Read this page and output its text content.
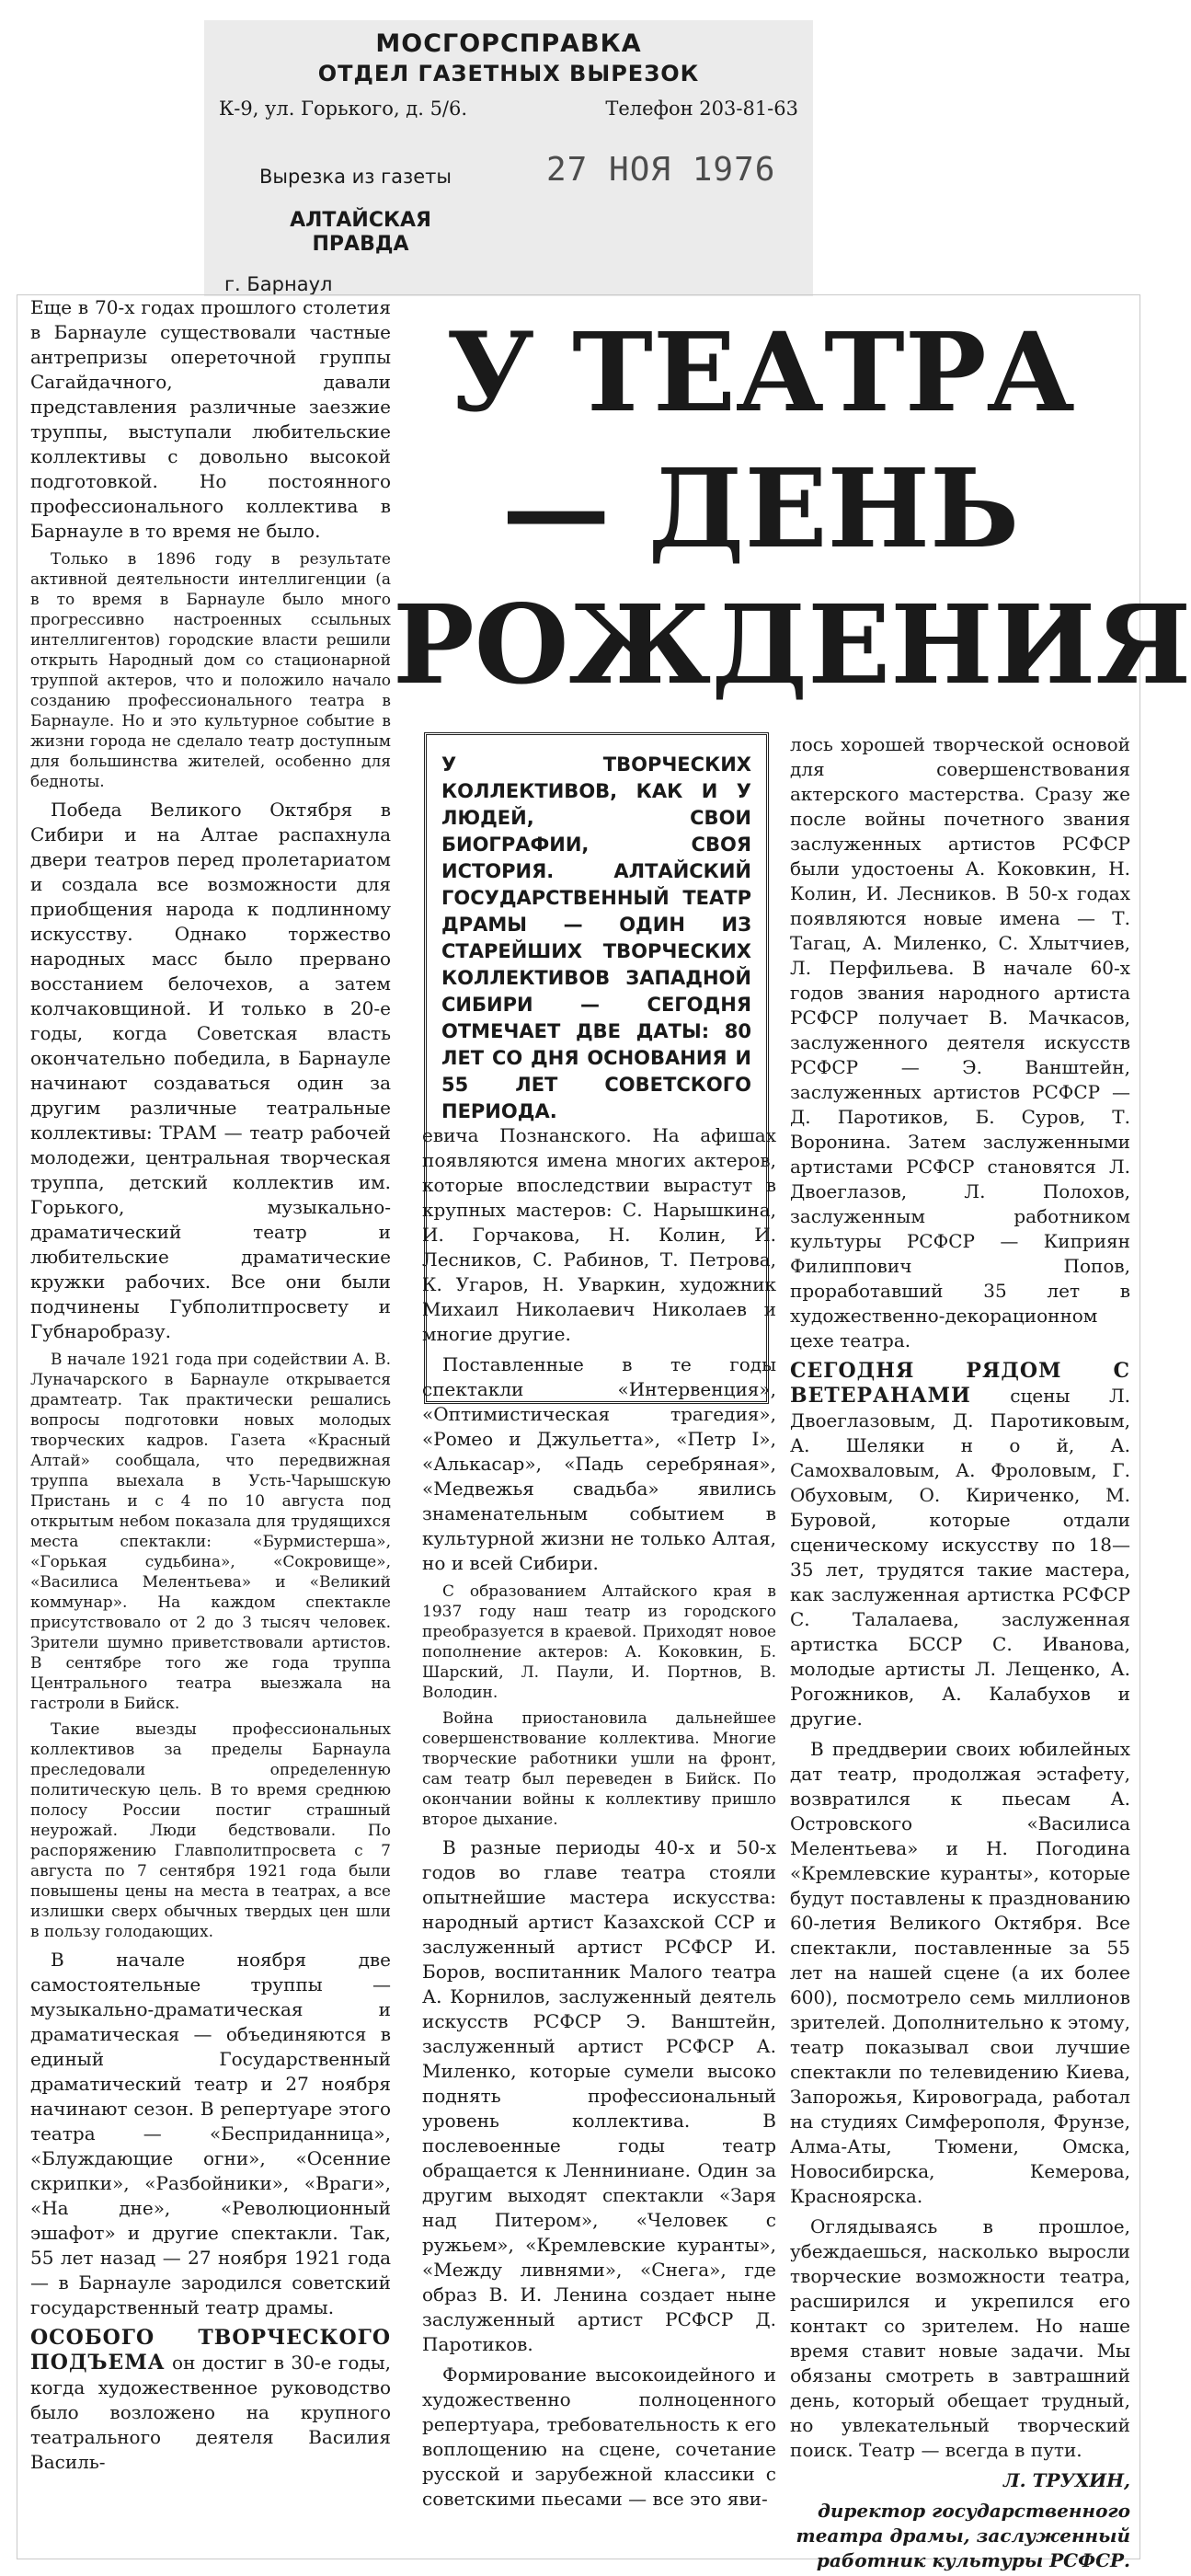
МОСГОРСПРАВКА
ОТДЕЛ ГАЗЕТНЫХ ВЫРЕЗОК
К-9, ул. Горького, д. 5/6.	Телефон 203-81-63
Вырезка из газеты	27 НОЯ 1976
АЛТАЙСКАЯ ПРАВДА
г. Барнаул

Еще в 70-х годах прошлого столетия в Барнауле существовали частные антрепризы опереточной группы Сагайдачного, давали представления различные заезжие труппы, выступали любительские коллективы с довольно высокой подготовкой. Но постоянного профессионального коллектива в Барнауле в то время не было.

Только в 1896 году в результате активной деятельности интеллигенции (а в то время в Барнауле было много прогрессивно настроенных ссыльных интеллигентов) городские власти решили открыть Народный дом со стационарной труппой актеров, что и положило начало созданию профессионального театра в Барнауле. Но и это культурное событие в жизни города не сделало театр доступным для большинства жителей, особенно для бедноты.

Победа Великого Октября в Сибири и на Алтае распахнула двери театров перед пролетариатом и создала все возможности для приобщения народа к подлинному искусству. Однако торжество народных масс было прервано восстанием белочехов, а затем колчаковщиной. И только в 20-е годы, когда Советская власть окончательно победила, в Барнауле начинают создаваться один за другим различные театральные коллективы: ТРАМ — театр рабочей молодежи, центральная творческая труппа, детский коллектив им. Горького, музыкально-драматический театр и любительские драматические кружки рабочих. Все они были подчинены Губполитпросвету и Губнаробразу.

В начале 1921 года при содействии А. В. Луначарского в Барнауле открывается драмтеатр. Так практически решались вопросы подготовки новых молодых творческих кадров. Газета «Красный Алтай» сообщала, что передвижная труппа выехала в Усть-Чарышскую Пристань и с 4 по 10 августа под открытым небом показала для трудящихся места спектакли: «Бурмистерша», «Горькая судьбина», «Сокровище», «Василиса Мелентьева» и «Великий коммунар». На каждом спектакле присутствовало от 2 до 3 тысяч человек. Зрители шумно приветствовали артистов. В сентябре того же года труппа Центрального театра выезжала на гастроли в Бийск.

Такие выезды профессиональных коллективов за пределы Барнаула преследовали определенную политическую цель. В то время среднюю полосу России постиг страшный неурожай. Люди бедствовали. По распоряжению Главполитпросвета с 7 августа по 7 сентября 1921 года были повышены цены на места в театрах, а все излишки сверх обычных твердых цен шли в пользу голодающих.

В начале ноября две самостоятельные труппы — музыкально-драматическая и драматическая — объединяются в единый Государственный драматический театр и 27 ноября начинают сезон. В репертуаре этого театра — «Бесприданница», «Блуждающие огни», «Осенние скрипки», «Разбойники», «Враги», «На дне», «Революционный эшафот» и другие спектакли. Так, 55 лет назад — 27 ноября 1921 года — в Барнауле зародился советский государственный театр драмы.

ОСОБОГО ТВОРЧЕСКОГО ПОДЪЕМА он достиг в 30-е годы, когда художественное руководство было возложено на крупного театрального деятеля Василия Василь-

У ТЕАТРА— ДЕНЬ РОЖДЕНИЯ
У ТВОРЧЕСКИХ КОЛЛЕКТИВОВ, КАК И У ЛЮДЕЙ, СВОИ БИОГРАФИИ, СВОЯ ИСТОРИЯ. АЛТАЙСКИЙ ГОСУДАРСТВЕННЫЙ ТЕАТР ДРАМЫ — ОДИН ИЗ СТАРЕЙШИХ ТВОРЧЕСКИХ КОЛЛЕКТИВОВ ЗАПАДНОЙ СИБИРИ — СЕГОДНЯ ОТМЕЧАЕТ ДВЕ ДАТЫ: 80 ЛЕТ СО ДНЯ ОСНОВАНИЯ И 55 ЛЕТ СОВЕТСКОГО ПЕРИОДА.

евича Познанского. На афишах появляются имена многих актеров, которые впоследствии вырастут в крупных мастеров: С. Нарышкина, И. Горчакова, Н. Колин, И. Лесников, С. Рабинов, Т. Петрова, К. Угаров, Н. Уваркин, художник Михаил Николаевич Николаев и многие другие.

Поставленные в те годы спектакли «Интервенция», «Оптимистическая трагедия», «Ромео и Джульетта», «Петр I», «Алькасар», «Падь серебряная», «Медвежья свадьба» явились знаменательным событием в культурной жизни не только Алтая, но и всей Сибири.

С образованием Алтайского края в 1937 году наш театр из городского преобразуется в краевой. Приходят новое пополнение актеров: А. Коковкин, Б. Шарский, Л. Паули, И. Портнов, В. Володин.

Война приостановила дальнейшее совершенствование коллектива. Многие творческие работники ушли на фронт, сам театр был переведен в Бийск. По окончании войны к коллективу пришло второе дыхание.

В разные периоды 40-х и 50-х годов во главе театра стояли опытнейшие мастера искусства: народный артист Казахской ССР и заслуженный артист РСФСР И. Боров, воспитанник Малого театра А. Корнилов, заслуженный деятель искусств РСФСР Э. Ванштейн, заслуженный артист РСФСР А. Миленко, которые сумели высоко поднять профессиональный уровень коллектива. В послевоенные годы театр обращается к Ленниниане. Один за другим выходят спектакли «Заря над Питером», «Человек с ружьем», «Кремлевские куранты», «Между ливнями», «Снега», где образ В. И. Ленина создает ныне заслуженный артист РСФСР Д. Паротиков.

Формирование высокоидейного и художественно полноценного репертуара, требовательность к его воплощению на сцене, сочетание русской и зарубежной классики с советскими пьесами — все это яви-

лось хорошей творческой основой для совершенствования актерского мастерства. Сразу же после войны почетного звания заслуженных артистов РСФСР были удостоены А. Коковкин, Н. Колин, И. Лесников. В 50-х годах появляются новые имена — Т. Тагац, А. Миленко, С. Хлытчиев, Л. Перфильева. В начале 60-х годов звания народного артиста РСФСР получает В. Мачкасов, заслуженного деятеля искусств РСФСР — Э. Ванштейн, заслуженных артистов РСФСР — Д. Паротиков, Б. Суров, Т. Воронина. Затем заслуженными артистами РСФСР становятся Л. Двоеглазов, Л. Полохов, заслуженным работником культуры РСФСР — Киприян Филиппович Попов, проработавший 35 лет в художественно-декорационном цехе театра.

СЕГОДНЯ РЯДОМ С ВЕТЕРАНАМИ сцены Л. Двоеглазовым, Д. Паротиковым, А. Шеляки н о й, А. Самохваловым, А. Фроловым, Г. Обуховым, О. Кириченко, М. Буровой, которые отдали сценическому искусству по 18—35 лет, трудятся такие мастера, как заслуженная артистка РСФСР С. Талалаева, заслуженная артистка БССР С. Иванова, молодые артисты Л. Лещенко, А. Рогожников, А. Калабухов и другие.

В преддверии своих юбилейных дат театр, продолжая эстафету, возвратился к пьесам А. Островского «Василиса Мелентьева» и Н. Погодина «Кремлевские куранты», которые будут поставлены к празднованию 60-летия Великого Октября. Все спектакли, поставленные за 55 лет на нашей сцене (а их более 600), посмотрело семь миллионов зрителей. Дополнительно к этому, театр показывал свои лучшие спектакли по телевидению Киева, Запорожья, Кировограда, работал на студиях Симферополя, Фрунзе, Алма-Аты, Тюмени, Омска, Новосибирска, Кемерова, Красноярска.

Оглядываясь в прошлое, убеждаешься, насколько выросли творческие возможности театра, расширился и укрепился его контакт со зрителем. Но наше время ставит новые задачи. Мы обязаны смотреть в завтрашний день, который обещает трудный, но увлекательный творческий поиск. Театр — всегда в пути.

Л. ТРУХИН,

директор государственного театра драмы, заслуженный работник культуры РСФСР.
